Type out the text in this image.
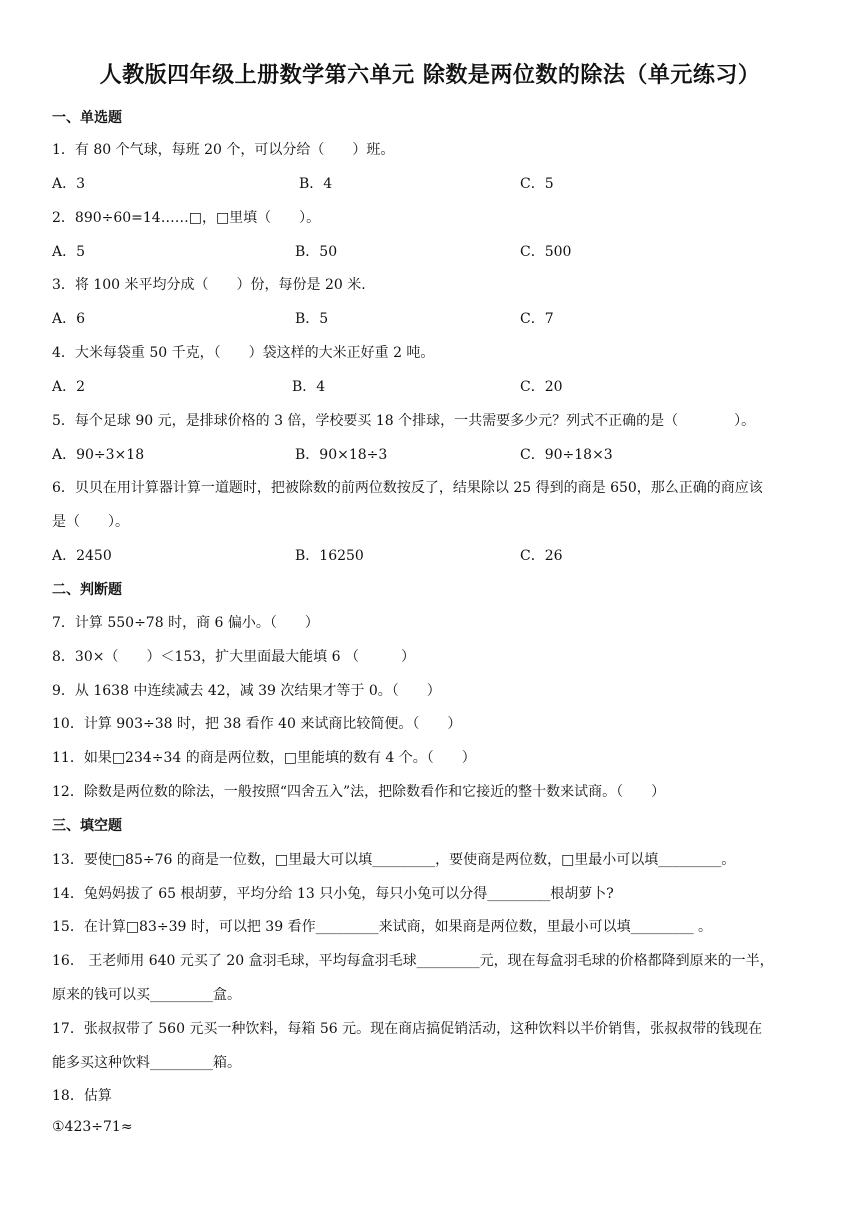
人教版四年级上册数学第六单元 除数是两位数的除法（单元练习）
一、单选题
1．有 80 个气球，每班 20 个，可以分给（　　）班。
A．3	B．4	C．5
2．890÷60=14……□，□里填（　　）。
A．5	B．50	C．500
3．将 100 米平均分成（　　）份，每份是 20 米.
A．6	B．5	C．7
4．大米每袋重 50 千克，（　　）袋这样的大米正好重 2 吨。
A．2	B．4	C．20
5．每个足球 90 元，是排球价格的 3 倍，学校要买 18 个排球，一共需要多少元？列式不正确的是（　　　　）。
A．90÷3×18	B．90×18÷3	C．90÷18×3
6．贝贝在用计算器计算一道题时，把被除数的前两位数按反了，结果除以 25 得到的商是 650，那么正确的商应该
是（　　）。
A．2450	B．16250	C．26
二、判断题
7．计算 550÷78 时，商 6 偏小。（　　）
8．30×（　　）＜153，扩大里面最大能填 6 （　　　）
9．从 1638 中连续减去 42，减 39 次结果才等于 0。（　　）
10．计算 903÷38 时，把 38 看作 40 来试商比较简便。（　　）
11．如果□234÷34 的商是两位数，□里能填的数有 4 个。（　　）
12．除数是两位数的除法，一般按照“四舍五入”法，把除数看作和它接近的整十数来试商。（　　）
三、填空题
13．要使□85÷76 的商是一位数，□里最大可以填_________，要使商是两位数，□里最小可以填_________。
14．兔妈妈拔了 65 根胡萝，平均分给 13 只小兔，每只小兔可以分得_________根胡萝卜?
15．在计算□83÷39 时，可以把 39 看作_________来试商，如果商是两位数，里最小可以填_________ 。
16． 王老师用 640 元买了 20 盒羽毛球，平均每盒羽毛球_________元，现在每盒羽毛球的价格都降到原来的一半，
原来的钱可以买_________盒。
17．张叔叔带了 560 元买一种饮料，每箱 56 元。现在商店搞促销活动，这种饮料以半价销售，张叔叔带的钱现在
能多买这种饮料_________箱。
18．估算
①423÷71≈
